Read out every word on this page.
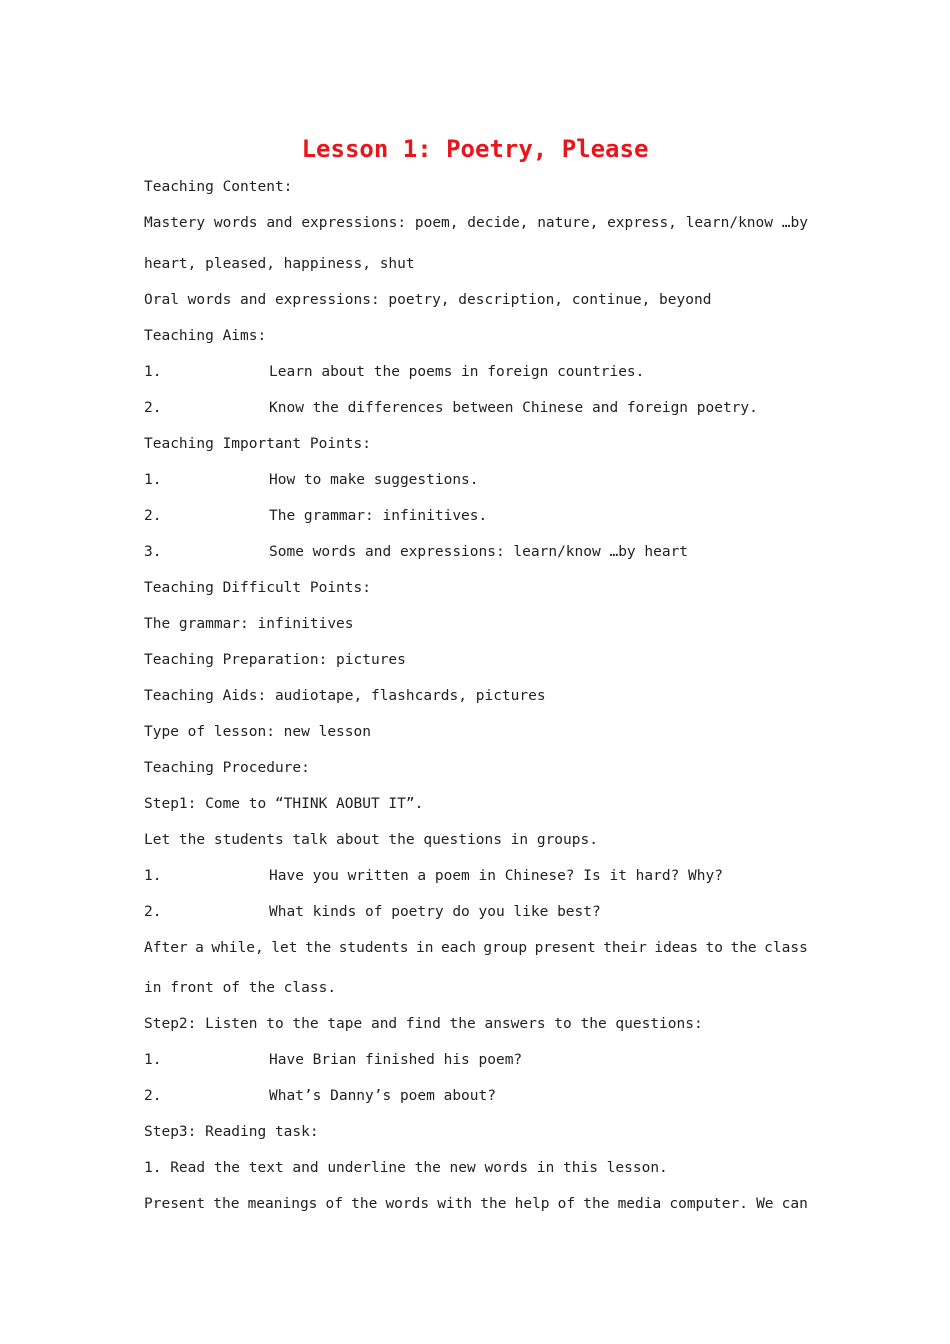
Lesson 1: Poetry, Please

Teaching Content:

Mastery words and expressions: poem, decide, nature, express, learn/know …by

heart, pleased, happiness, shut

Oral words and expressions: poetry, description, continue, beyond

Teaching Aims:

1.	Learn about the poems in foreign countries.

2.	Know the differences between Chinese and foreign poetry.

Teaching Important Points:

1.	How to make suggestions.

2.	The grammar: infinitives.

3.	Some words and expressions: learn/know …by heart

Teaching Difficult Points:

The grammar: infinitives

Teaching Preparation: pictures

Teaching Aids: audiotape, flashcards, pictures

Type of lesson: new lesson

Teaching Procedure:

Step1: Come to “THINK AOBUT IT”.

Let the students talk about the questions in groups.

1.	Have you written a poem in Chinese? Is it hard? Why?

2.	What kinds of poetry do you like best?

After a while, let the students in each group present their ideas to the class

in front of the class.

Step2: Listen to the tape and find the answers to the questions:

1.	Have Brian finished his poem?

2.	What’s Danny’s poem about?

Step3: Reading task:

1. Read the text and underline the new words in this lesson.

Present the meanings of the words with the help of the media computer. We can
